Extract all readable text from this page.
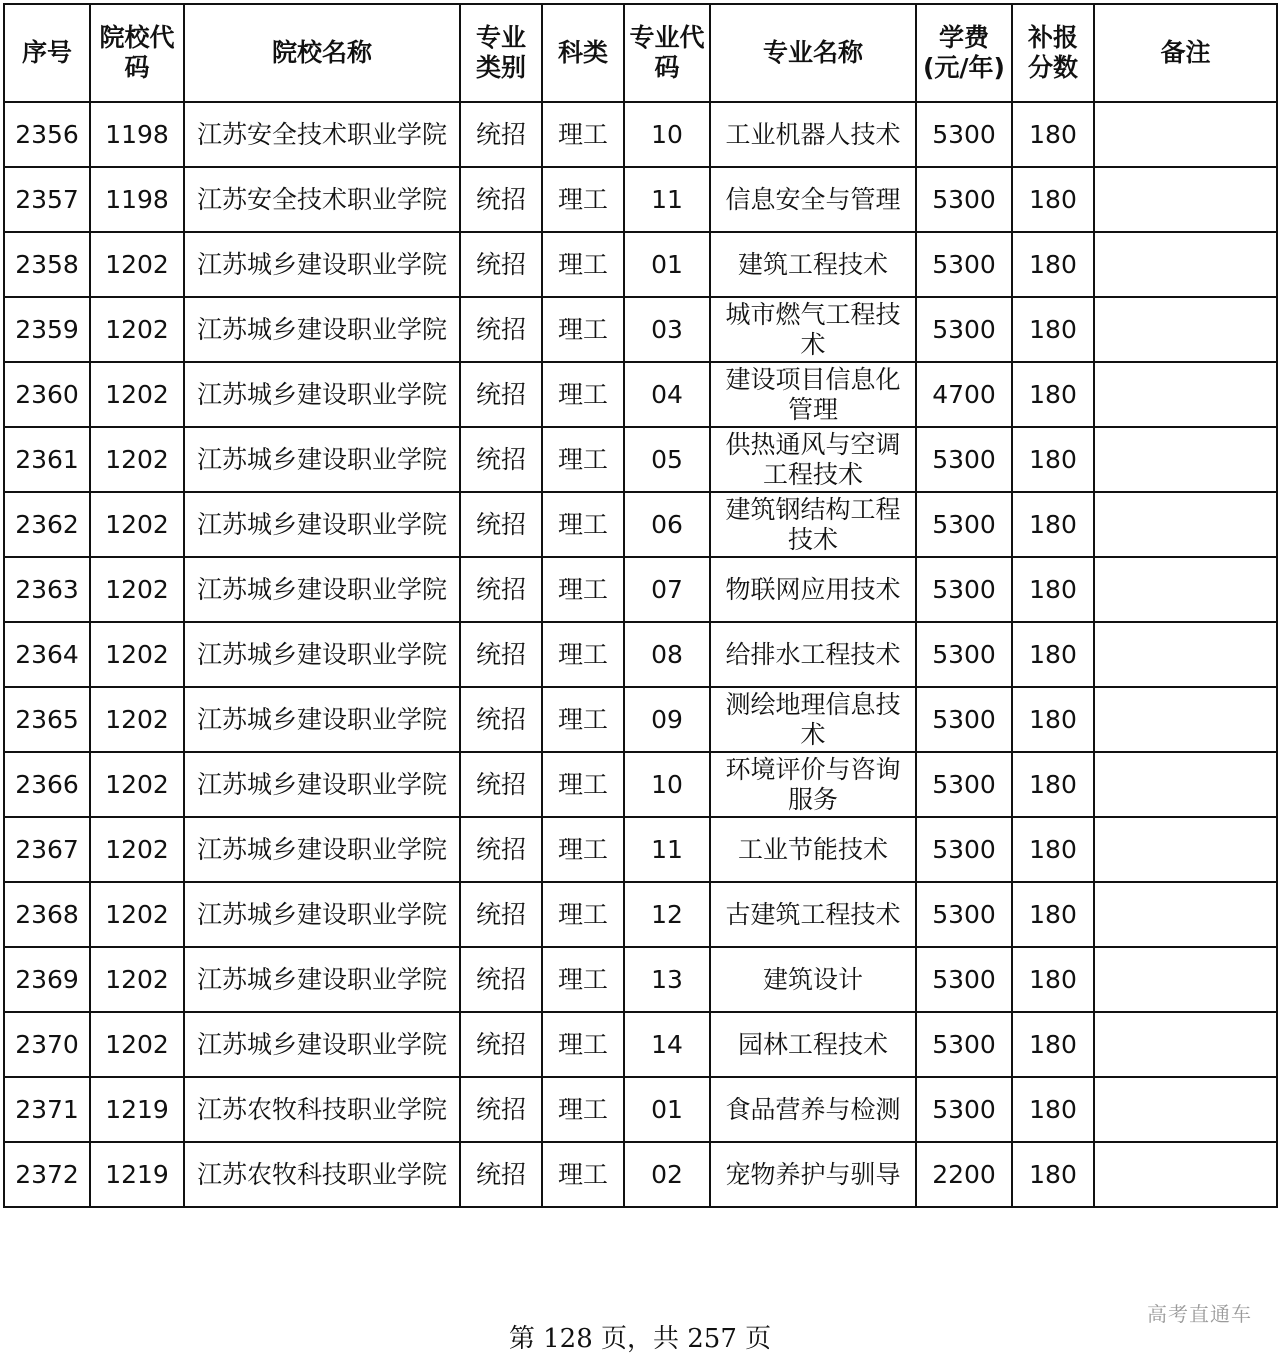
序号	院校代码	院校名称	专业类别	科类	专业代码	专业名称	学费(元/年)	补报分数	备注
2356	1198	江苏安全技术职业学院	统招	理工	10	工业机器人技术	5300	180	
2357	1198	江苏安全技术职业学院	统招	理工	11	信息安全与管理	5300	180	
2358	1202	江苏城乡建设职业学院	统招	理工	01	建筑工程技术	5300	180	
2359	1202	江苏城乡建设职业学院	统招	理工	03	城市燃气工程技术	5300	180	
2360	1202	江苏城乡建设职业学院	统招	理工	04	建设项目信息化管理	4700	180	
2361	1202	江苏城乡建设职业学院	统招	理工	05	供热通风与空调工程技术	5300	180	
2362	1202	江苏城乡建设职业学院	统招	理工	06	建筑钢结构工程技术	5300	180	
2363	1202	江苏城乡建设职业学院	统招	理工	07	物联网应用技术	5300	180	
2364	1202	江苏城乡建设职业学院	统招	理工	08	给排水工程技术	5300	180	
2365	1202	江苏城乡建设职业学院	统招	理工	09	测绘地理信息技术	5300	180	
2366	1202	江苏城乡建设职业学院	统招	理工	10	环境评价与咨询服务	5300	180	
2367	1202	江苏城乡建设职业学院	统招	理工	11	工业节能技术	5300	180	
2368	1202	江苏城乡建设职业学院	统招	理工	12	古建筑工程技术	5300	180	
2369	1202	江苏城乡建设职业学院	统招	理工	13	建筑设计	5300	180	
2370	1202	江苏城乡建设职业学院	统招	理工	14	园林工程技术	5300	180	
2371	1219	江苏农牧科技职业学院	统招	理工	01	食品营养与检测	5300	180	
2372	1219	江苏农牧科技职业学院	统招	理工	02	宠物养护与驯导	2200	180	
第 128 页，共 257 页
高考直通车
